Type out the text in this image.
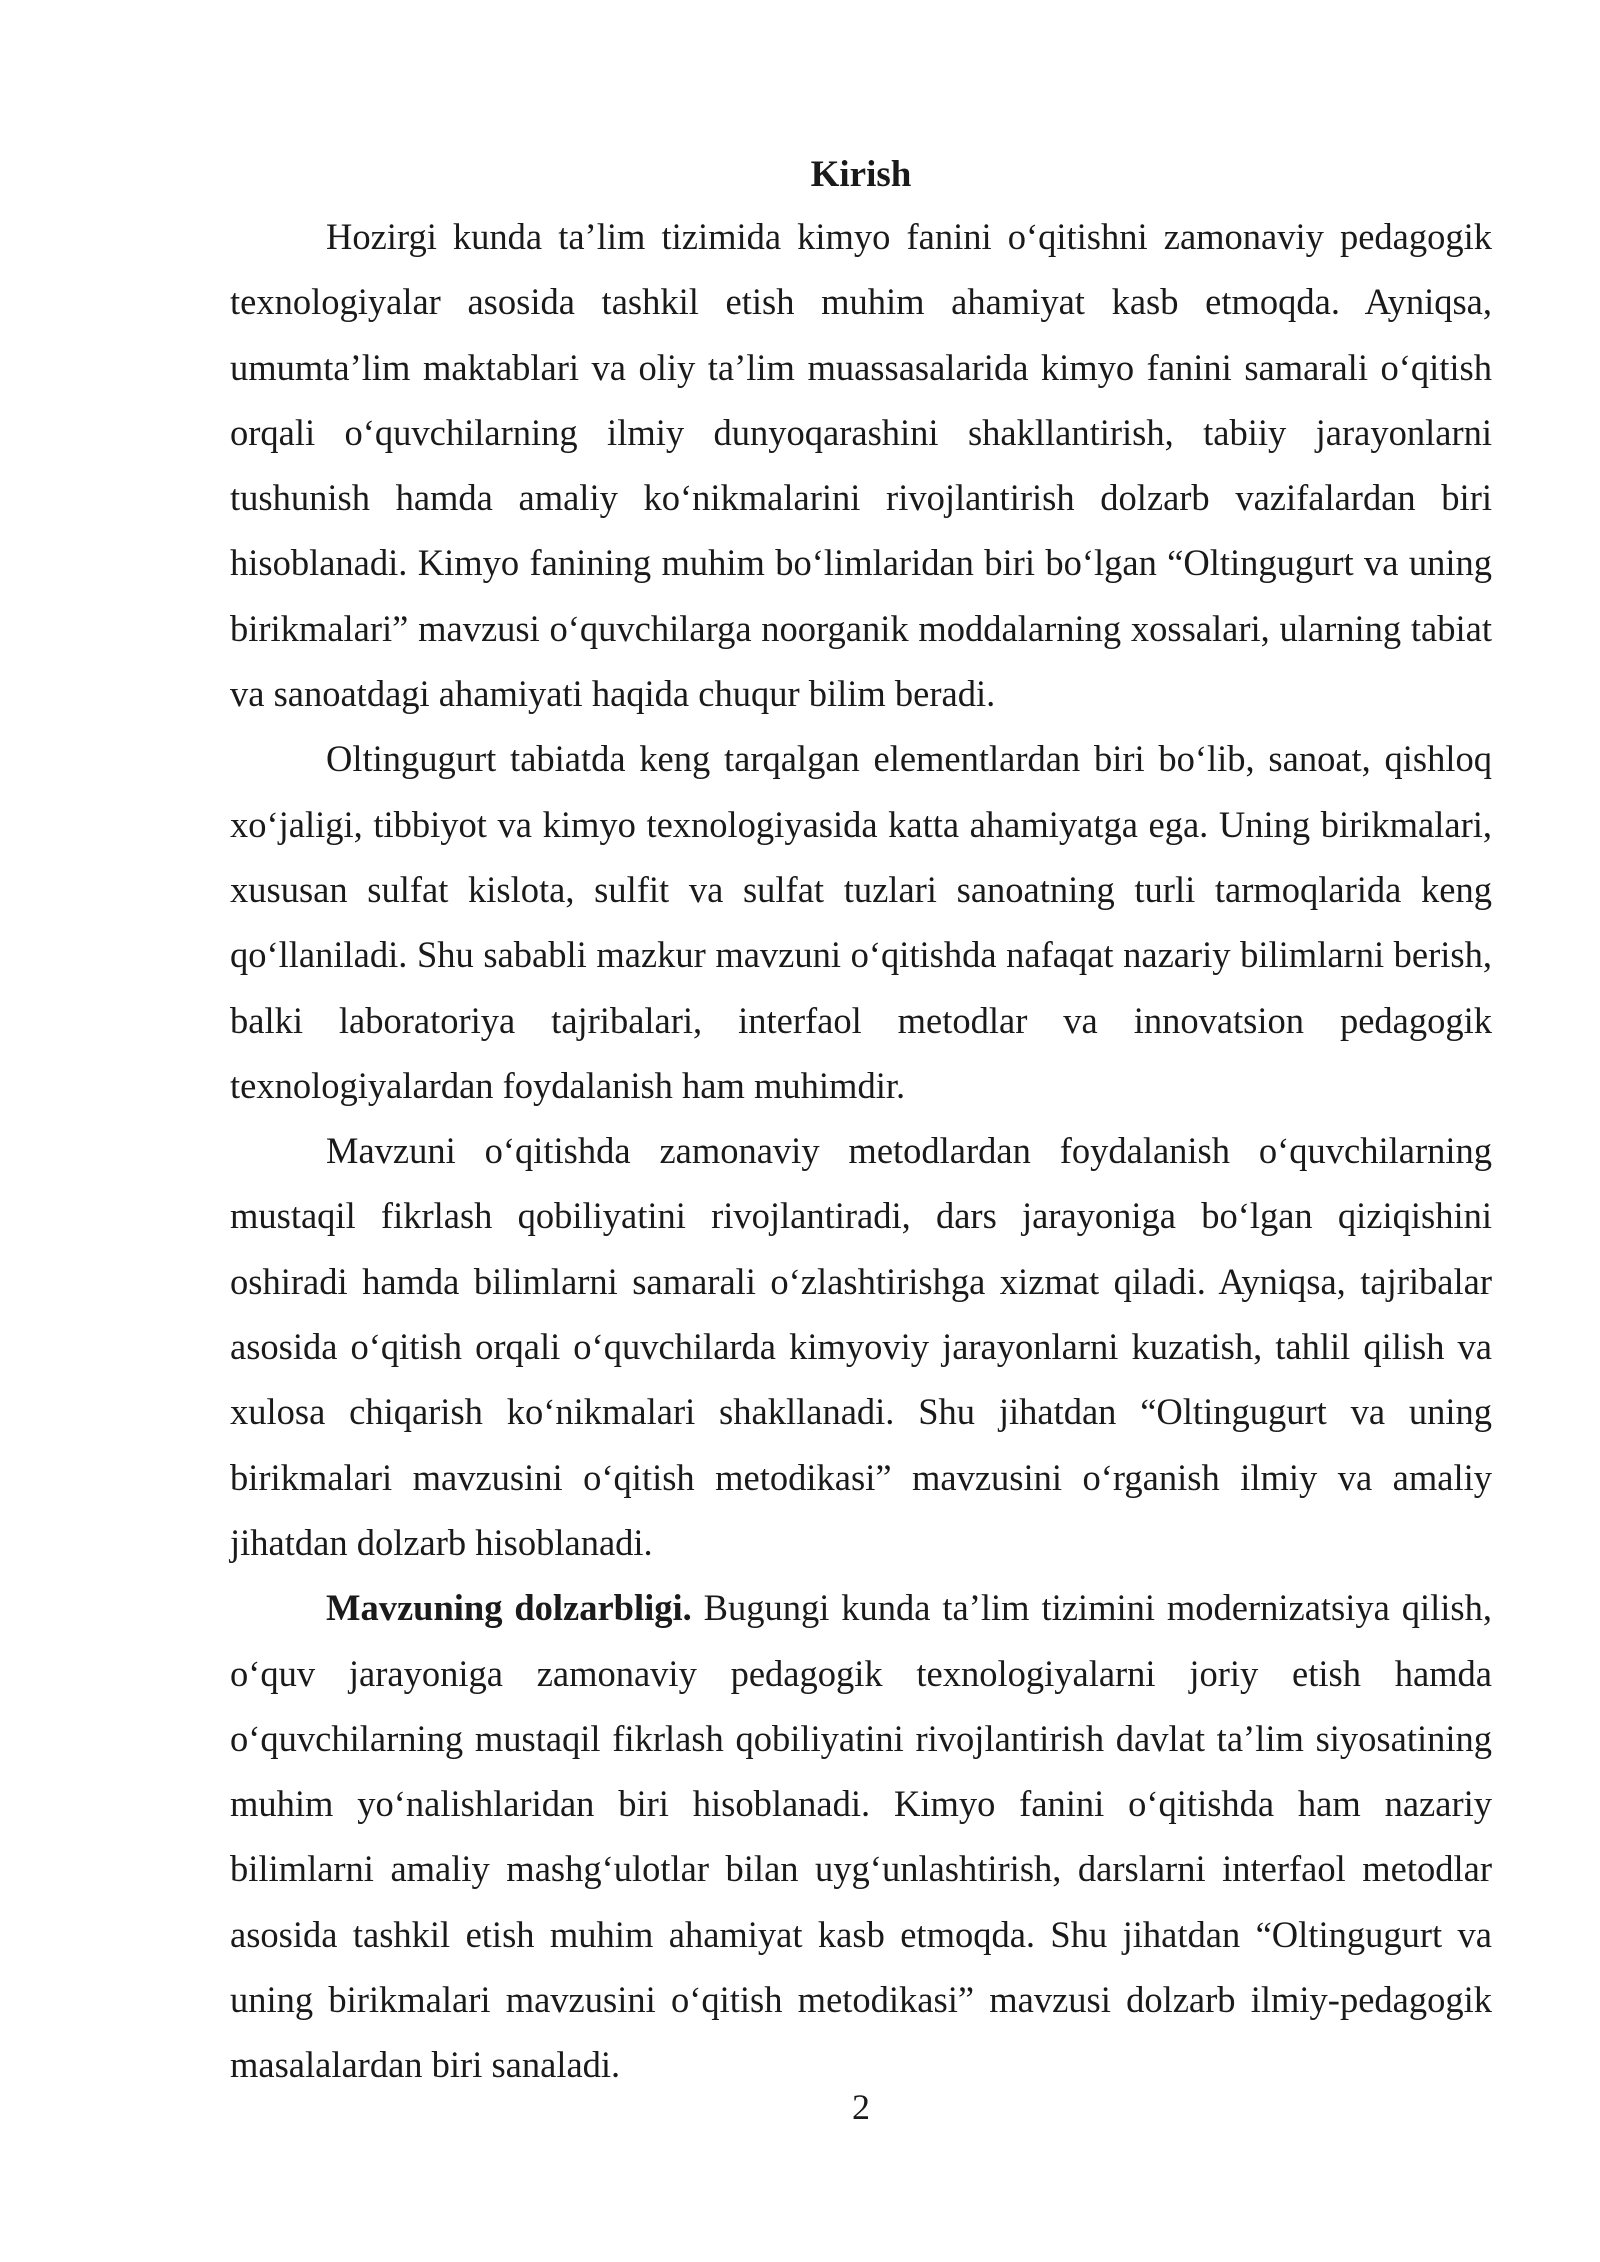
Kirish

Hozirgi kunda ta’lim tizimida kimyo fanini o‘qitishni zamonaviy pedagogik texnologiyalar asosida tashkil etish muhim ahamiyat kasb etmoqda. Ayniqsa, umumta’lim maktablari va oliy ta’lim muassasalarida kimyo fanini samarali o‘qitish orqali o‘quvchilarning ilmiy dunyoqarashini shakllantirish, tabiiy jarayonlarni tushunish hamda amaliy ko‘nikmalarini rivojlantirish dolzarb vazifalardan biri hisoblanadi. Kimyo fanining muhim bo‘limlaridan biri bo‘lgan “Oltingugurt va uning birikmalari” mavzusi o‘quvchilarga noorganik moddalarning xossalari, ularning tabiat va sanoatdagi ahamiyati haqida chuqur bilim beradi.

Oltingugurt tabiatda keng tarqalgan elementlardan biri bo‘lib, sanoat, qishloq xo‘jaligi, tibbiyot va kimyo texnologiyasida katta ahamiyatga ega. Uning birikmalari, xususan sulfat kislota, sulfit va sulfat tuzlari sanoatning turli tarmoqlarida keng qo‘llaniladi. Shu sababli mazkur mavzuni o‘qitishda nafaqat nazariy bilimlarni berish, balki laboratoriya tajribalari, interfaol metodlar va innovatsion pedagogik texnologiyalardan foydalanish ham muhimdir.

Mavzuni o‘qitishda zamonaviy metodlardan foydalanish o‘quvchilarning mustaqil fikrlash qobiliyatini rivojlantiradi, dars jarayoniga bo‘lgan qiziqishini oshiradi hamda bilimlarni samarali o‘zlashtirishga xizmat qiladi. Ayniqsa, tajribalar asosida o‘qitish orqali o‘quvchilarda kimyoviy jarayonlarni kuzatish, tahlil qilish va xulosa chiqarish ko‘nikmalari shakllanadi. Shu jihatdan “Oltingugurt va uning birikmalari mavzusini o‘qitish metodikasi” mavzusini o‘rganish ilmiy va amaliy jihatdan dolzarb hisoblanadi.

Mavzuning dolzarbligi. Bugungi kunda ta’lim tizimini modernizatsiya qilish, o‘quv jarayoniga zamonaviy pedagogik texnologiyalarni joriy etish hamda o‘quvchilarning mustaqil fikrlash qobiliyatini rivojlantirish davlat ta’lim siyosatining muhim yo‘nalishlaridan biri hisoblanadi. Kimyo fanini o‘qitishda ham nazariy bilimlarni amaliy mashg‘ulotlar bilan uyg‘unlashtirish, darslarni interfaol metodlar asosida tashkil etish muhim ahamiyat kasb etmoqda. Shu jihatdan “Oltingugurt va uning birikmalari mavzusini o‘qitish metodikasi” mavzusi dolzarb ilmiy-pedagogik masalalardan biri sanaladi.

2
